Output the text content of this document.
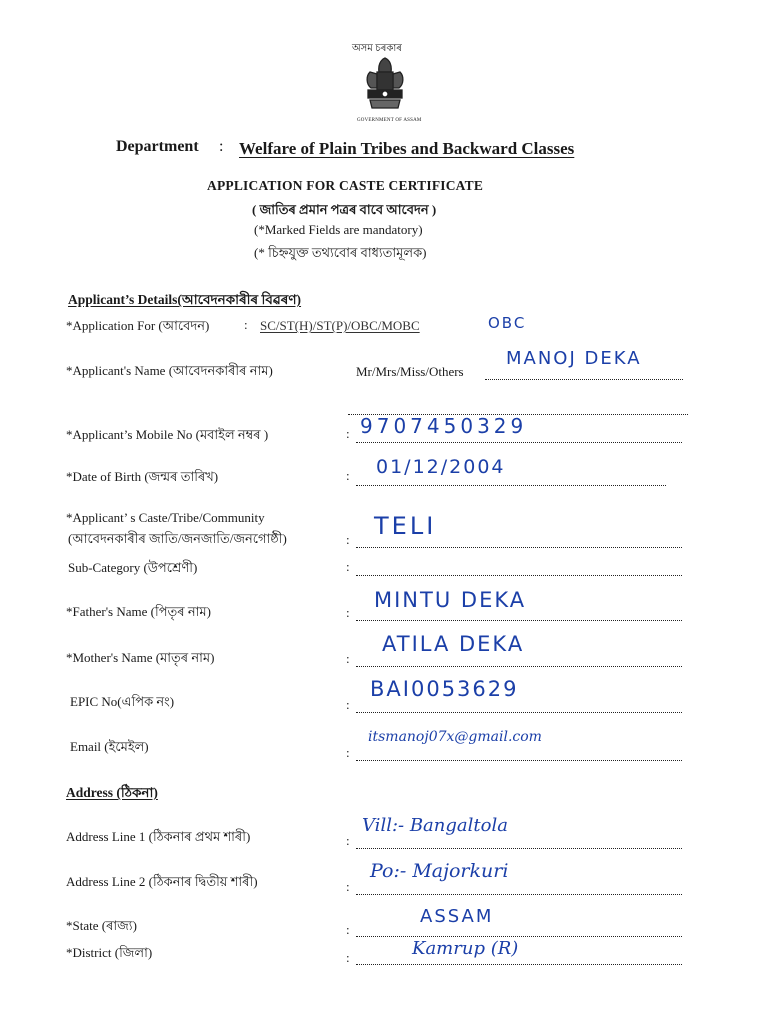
অসম চৰকাৰ
GOVERNMENT OF ASSAM
Department : Welfare of Plain Tribes and Backward Classes
APPLICATION FOR CASTE CERTIFICATE
( জাতিৰ প্ৰমান পত্ৰৰ বাবে আবেদন )
(*Marked Fields are mandatory)
(* চিহ্নযুক্ত তথ্যবোৰ বাধ্যতামূলক)
Applicant’s Details(আবেদনকাৰীৰ বিৱৰণ)
*Application For (আবেদন)	: SC/ST(H)/ST(P)/OBC/MOBC	OBC
*Applicant's Name (আবেদনকাৰীৰ নাম)	Mr/Mrs/Miss/Others
MANOJ DEKA
*Applicant’s Mobile No (মবাইল নম্বৰ )	: 9707450329
*Date of Birth (জন্মৰ তাৰিখ)	: 01/12/2004
*Applicant’ s Caste/Tribe/Community
(আবেদনকাৰীৰ জাতি/জনজাতি/জনগোষ্ঠী)	: TELI
Sub-Category (উপশ্ৰেণী)	:
*Father's Name (পিতৃৰ নাম)	:
MINTU DEKA
*Mother's Name (মাতৃৰ নাম)	:
ATILA DEKA
EPIC No(এপিক নং)	:
BAI0053629
Email (ইমেইল)	:
itsmanoj07x@gmail.com
Address (ঠিকনা)
Address Line 1 (ঠিকনাৰ প্ৰথম শাৰী)	:
Vill:- Bangaltola
Address Line 2 (ঠিকনাৰ দ্বিতীয় শাৰী)	:
Po:- Majorkuri
*State (ৰাজ্য)	:
ASSAM
*District (জিলা)	:	Kamrup (R)
